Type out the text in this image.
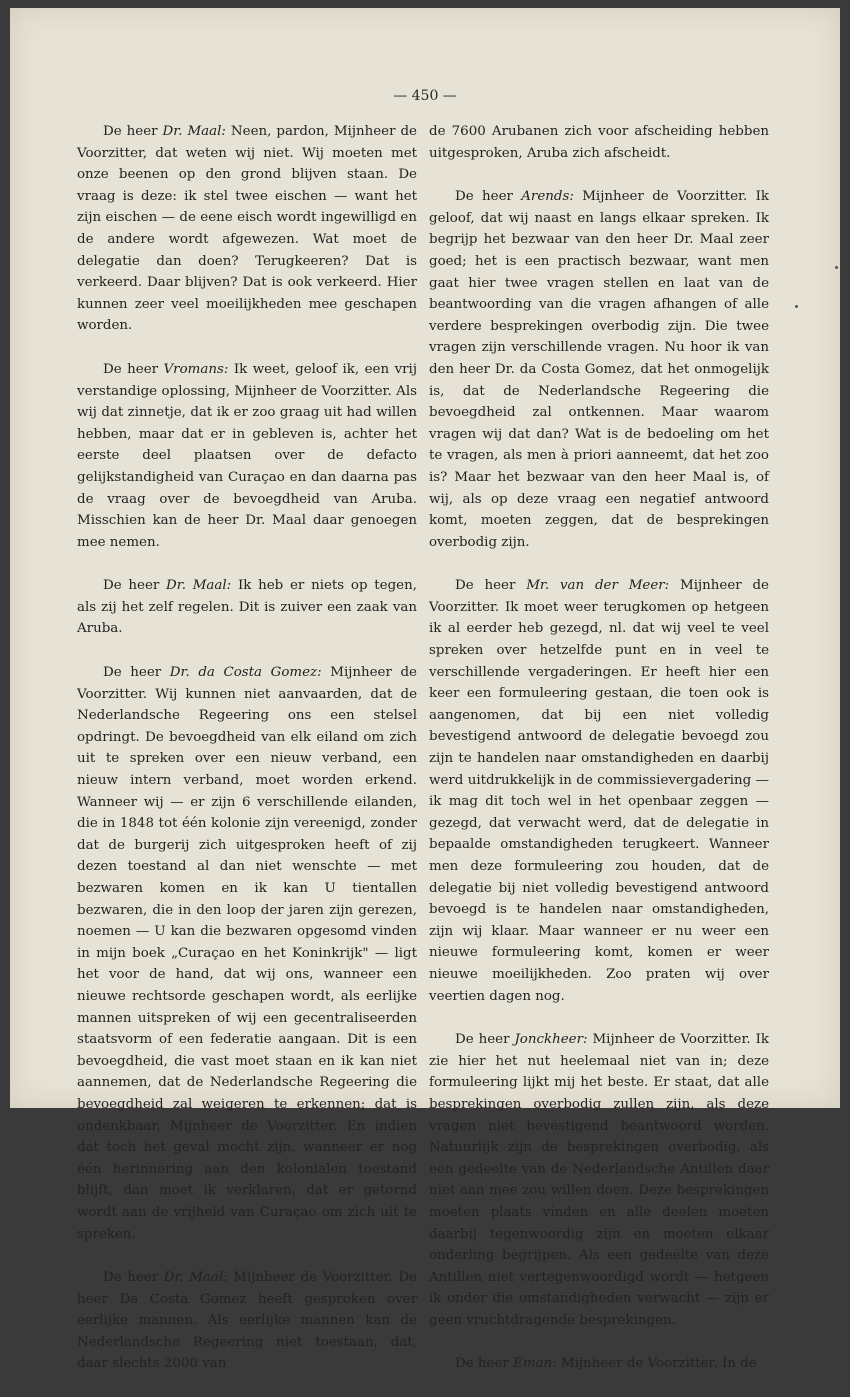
— 450 —

De heer Dr. Maal: Neen, pardon, Mijnheer de Voorzitter, dat weten wij niet. Wij moeten met onze beenen op den grond blijven staan. De vraag is deze: ik stel twee eischen — want het zijn eischen — de eene eisch wordt ingewilligd en de andere wordt afgewezen. Wat moet de delegatie dan doen? Terugkeeren? Dat is verkeerd. Daar blijven? Dat is ook verkeerd. Hier kunnen zeer veel moeilijkheden mee geschapen worden.

De heer Vromans: Ik weet, geloof ik, een vrij verstandige oplossing, Mijnheer de Voorzitter. Als wij dat zinnetje, dat ik er zoo graag uit had willen hebben, maar dat er in gebleven is, achter het eerste deel plaatsen over de defacto gelijkstandigheid van Curaçao en dan daarna pas de vraag over de bevoegdheid van Aruba. Misschien kan de heer Dr. Maal daar genoegen mee nemen.

De heer Dr. Maal: Ik heb er niets op tegen, als zij het zelf regelen. Dit is zuiver een zaak van Aruba.

De heer Dr. da Costa Gomez: Mijnheer de Voorzitter. Wij kunnen niet aanvaarden, dat de Nederlandsche Regeering ons een stelsel opdringt. De bevoegdheid van elk eiland om zich uit te spreken over een nieuw verband, een nieuw intern verband, moet worden erkend. Wanneer wij — er zijn 6 verschillende eilanden, die in 1848 tot één kolonie zijn vereenigd, zonder dat de burgerij zich uitgesproken heeft of zij dezen toestand al dan niet wenschte — met bezwaren komen en ik kan U tientallen bezwaren, die in den loop der jaren zijn gerezen, noemen — U kan die bezwaren opgesomd vinden in mijn boek „Curaçao en het Koninkrijk" — ligt het voor de hand, dat wij ons, wanneer een nieuwe rechtsorde geschapen wordt, als eerlijke mannen uitspreken of wij een gecentraliseerden staatsvorm of een federatie aangaan. Dit is een bevoegdheid, die vast moet staan en ik kan niet aannemen, dat de Nederlandsche Regeering die bevoegdheid zal weigeren te erkennen; dat is ondenkbaar, Mijnheer de Voorzitter. En indien dat toch het geval mocht zijn, wanneer er nog één herinnering aan den kolonialen toestand blijft, dan moet ik verklaren, dat er getornd wordt aan de vrijheid van Curaçao om zich uit te spreken.

De heer Dr. Maal: Mijnheer de Voorzitter. De heer Da Costa Gomez heeft gesproken over eerlijke mannen. Als eerlijke mannen kan de Nederlandsche Regeering niet toestaan, dat, daar slechts 2000 van

de 7600 Arubanen zich voor afscheiding hebben uitgesproken, Aruba zich afscheidt.

De heer Arends: Mijnheer de Voorzitter. Ik geloof, dat wij naast en langs elkaar spreken. Ik begrijp het bezwaar van den heer Dr. Maal zeer goed; het is een practisch bezwaar, want men gaat hier twee vragen stellen en laat van de beantwoording van die vragen afhangen of alle verdere besprekingen overbodig zijn. Die twee vragen zijn verschillende vragen. Nu hoor ik van den heer Dr. da Costa Gomez, dat het onmogelijk is, dat de Nederlandsche Regeering die bevoegdheid zal ontkennen. Maar waarom vragen wij dat dan? Wat is de bedoeling om het te vragen, als men à priori aanneemt, dat het zoo is? Maar het bezwaar van den heer Maal is, of wij, als op deze vraag een negatief antwoord komt, moeten zeggen, dat de besprekingen overbodig zijn.

De heer Mr. van der Meer: Mijnheer de Voorzitter. Ik moet weer terugkomen op hetgeen ik al eerder heb gezegd, nl. dat wij veel te veel spreken over hetzelfde punt en in veel te verschillende vergaderingen. Er heeft hier een keer een formuleering gestaan, die toen ook is aangenomen, dat bij een niet volledig bevestigend antwoord de delegatie bevoegd zou zijn te handelen naar omstandigheden en daarbij werd uitdrukkelijk in de commissievergadering — ik mag dit toch wel in het openbaar zeggen — gezegd, dat verwacht werd, dat de delegatie in bepaalde omstandigheden terugkeert. Wanneer men deze formuleering zou houden, dat de delegatie bij niet volledig bevestigend antwoord bevoegd is te handelen naar omstandigheden, zijn wij klaar. Maar wanneer er nu weer een nieuwe formuleering komt, komen er weer nieuwe moeilijkheden. Zoo praten wij over veertien dagen nog.

De heer Jonckheer: Mijnheer de Voorzitter. Ik zie hier het nut heelemaal niet van in; deze formuleering lijkt mij het beste. Er staat, dat alle besprekingen overbodig zullen zijn, als deze vragen niet bevestigend beantwoord worden. Natuurlijk zijn de besprekingen overbodig, als een gedeelte van de Nederlandsche Antillen daar niet aan mee zou willen doen. Deze besprekingen moeten plaats vinden en alle deelen moeten daarbij tegenwoordig zijn en moeten elkaar onderling begrijpen. Als een gedeelte van deze Antillen niet vertegenwoordigd wordt — hetgeen ik onder die omstandigheden verwacht — zijn er geen vruchtdragende besprekingen.

De heer Eman: Mijnheer de Voorzitter. In de
